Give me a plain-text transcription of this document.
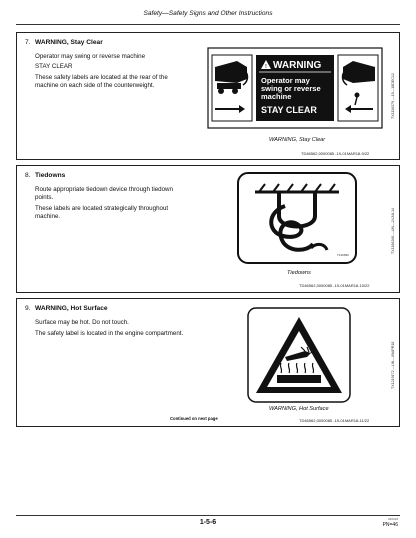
Safety—Safety Signs and Other Instructions
7. WARNING, Stay Clear
Operator may swing or reverse machine
STAY CLEAR
These safety labels are located at the rear of the
machine on each side of the counterweight.
! WARNING
Operator may
swing or reverse
machine
STAY CLEAR
WARNING, Stay Clear
TD46562,0000085 -19-01MAR18-9/22
TX1116379 —19—18DEC12
8. Tiedowns
Route appropriate tiedown device through tiedown
points.
These labels are located strategically throughout
machine.
T140690
Tiedowns
TD46562,0000085 -19-01MAR18-10/22
TX1186268 —UN—24JUL14
9. WARNING, Hot Surface
Surface may be hot. Do not touch.
The safety label is located in the engine compartment.
WARNING, Hot Surface
TD46562,0000085 -19-01MAR18-11/22
TX1219172 —UN—09APR18
Continued on next page
040318
1-5-6	PN=46
